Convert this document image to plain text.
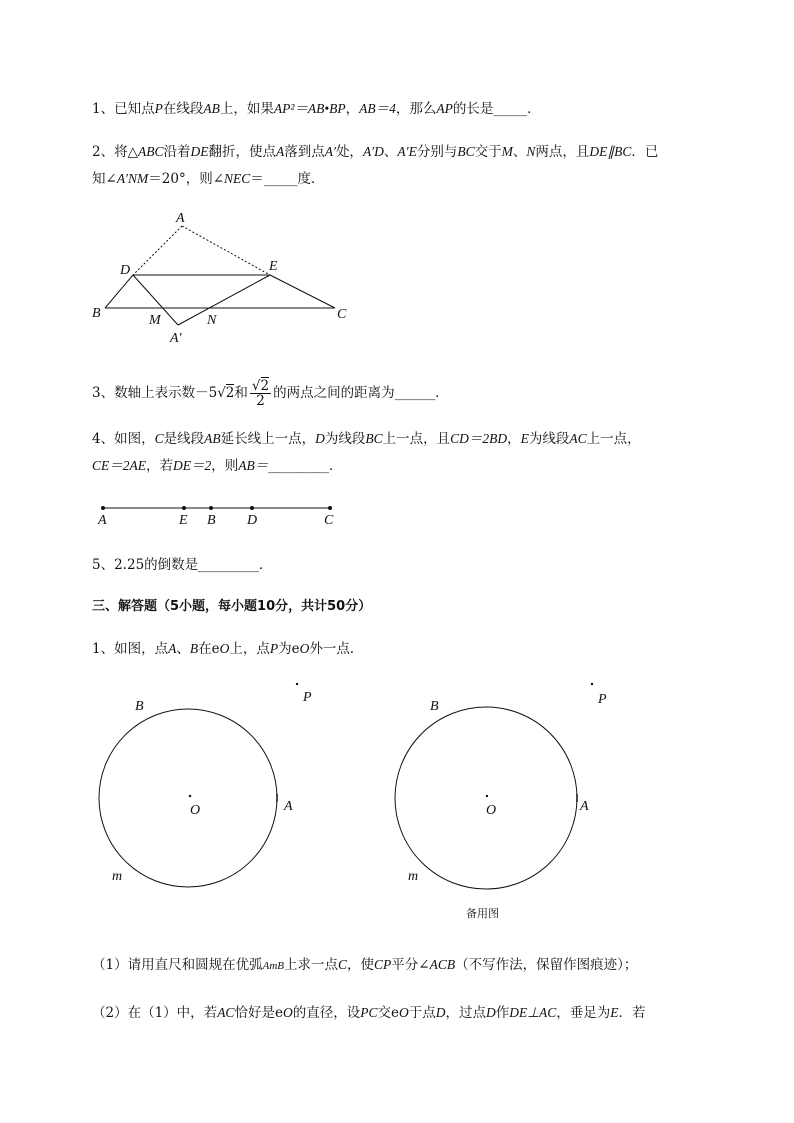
1、已知点P在线段AB上，如果AP²＝AB•BP，AB＝4，那么AP的长是_____．
2、将△ABC沿着DE翻折，使点A落到点A′处，A′D、A′E分别与BC交于M、N两点，且DE∥BC．已
知∠A′NM＝20°，则∠NEC＝_____度．
A
D	E
B	M	N	C
A′
3、数轴上表示数－5√2和 $\frac{√2}{2}$ 的两点之间的距离为______．
4、如图，C是线段AB延长线上一点，D为线段BC上一点，且CD＝2BD，E为线段AC上一点，
CE＝2AE，若DE＝2，则AB＝_________．
A	E B D	C
5、2.25的倒数是_________．
三、解答题（5小题，每小题10分，共计50分）
1、如图，点A、B在eO上，点P为eO外一点．
B
P
O	A
m
B	P
O	A
m
备用图
（1）请用直尺和圆规在优弧AmB上求一点C，使CP平分∠ACB（不写作法，保留作图痕迹）；
（2）在（1）中，若AC恰好是eO的直径，设PC交eO于点D，过点D作DE⊥AC，垂足为E．若
